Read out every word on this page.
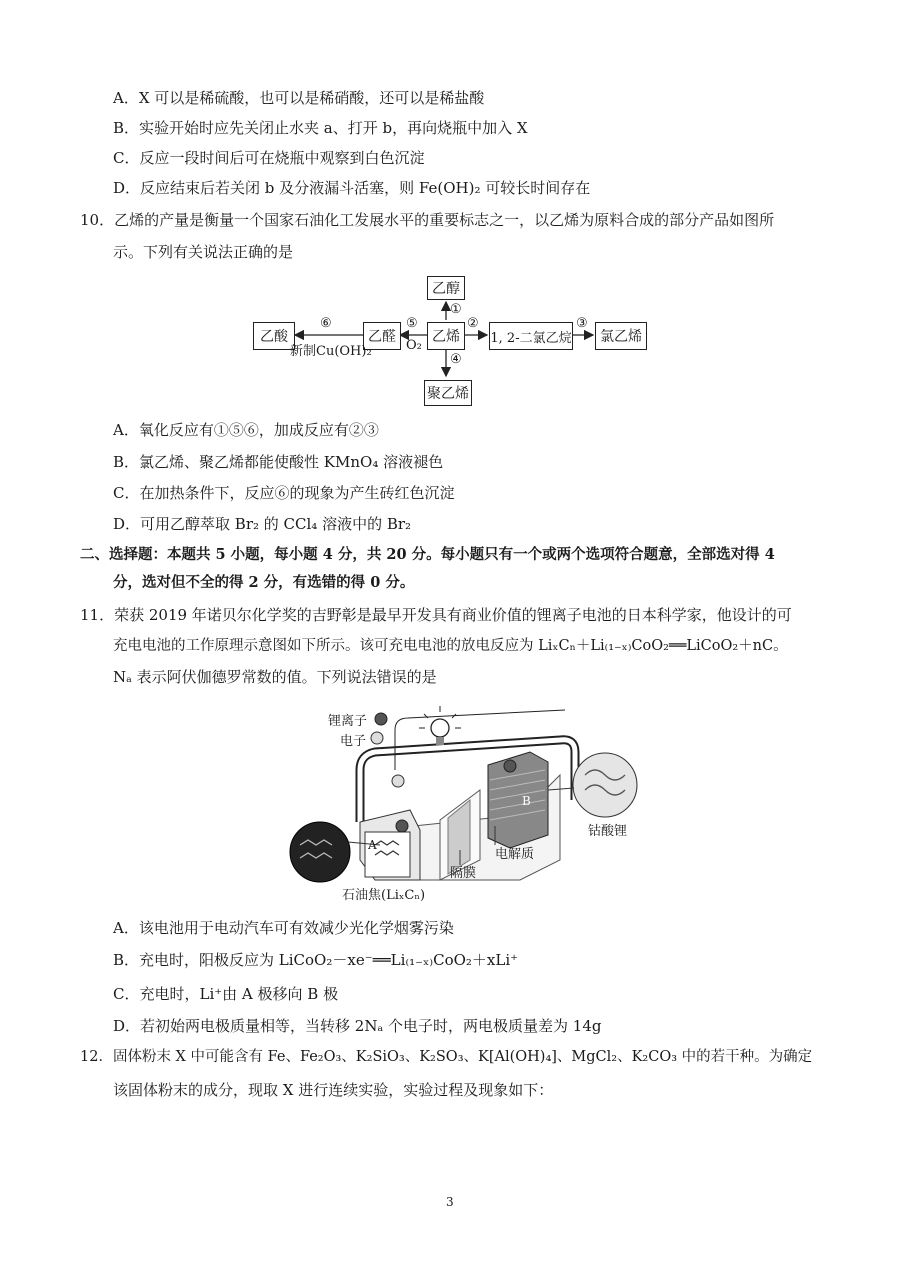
A．X 可以是稀硫酸，也可以是稀硝酸，还可以是稀盐酸
B．实验开始时应先关闭止水夹 a、打开 b，再向烧瓶中加入 X
C．反应一段时间后可在烧瓶中观察到白色沉淀
D．反应结束后若关闭 b 及分液漏斗活塞，则 Fe(OH)₂ 可较长时间存在
10．乙烯的产量是衡量一个国家石油化工发展水平的重要标志之一，以乙烯为原料合成的部分产品如图所
示。下列有关说法正确的是
乙醇
乙烯
乙醛
乙酸	1, 2-二氯乙烷	氯乙烯
聚乙烯
①
②	③
④
⑤
⑥
O₂
新制Cu(OH)₂
A．氧化反应有①⑤⑥，加成反应有②③
B．氯乙烯、聚乙烯都能使酸性 KMnO₄ 溶液褪色
C．在加热条件下，反应⑥的现象为产生砖红色沉淀
D．可用乙醇萃取 Br₂ 的 CCl₄ 溶液中的 Br₂
二、选择题：本题共 5 小题，每小题 4 分，共 20 分。每小题只有一个或两个选项符合题意，全部选对得 4
分，选对但不全的得 2 分，有选错的得 0 分。
11．荣获 2019 年诺贝尔化学奖的吉野彰是最早开发具有商业价值的锂离子电池的日本科学家，他设计的可
充电电池的工作原理示意图如下所示。该可充电电池的放电反应为 LiₓCₙ＋Li₍₁₋ₓ₎CoO₂══LiCoO₂＋nC。
Nₐ 表示阿伏伽德罗常数的值。下列说法错误的是
锂离子
电子
A
B
电解质
隔膜
石油焦(LiₓCₙ)
钴酸锂
A．该电池用于电动汽车可有效减少光化学烟雾污染
B．充电时，阳极反应为 LiCoO₂－xe⁻══Li₍₁₋ₓ₎CoO₂＋xLi⁺
C．充电时，Li⁺由 A 极移向 B 极
D．若初始两电极质量相等，当转移 2Nₐ 个电子时，两电极质量差为 14g
12．固体粉末 X 中可能含有 Fe、Fe₂O₃、K₂SiO₃、K₂SO₃、K[Al(OH)₄]、MgCl₂、K₂CO₃ 中的若干种。为确定
该固体粉末的成分，现取 X 进行连续实验，实验过程及现象如下：
3
